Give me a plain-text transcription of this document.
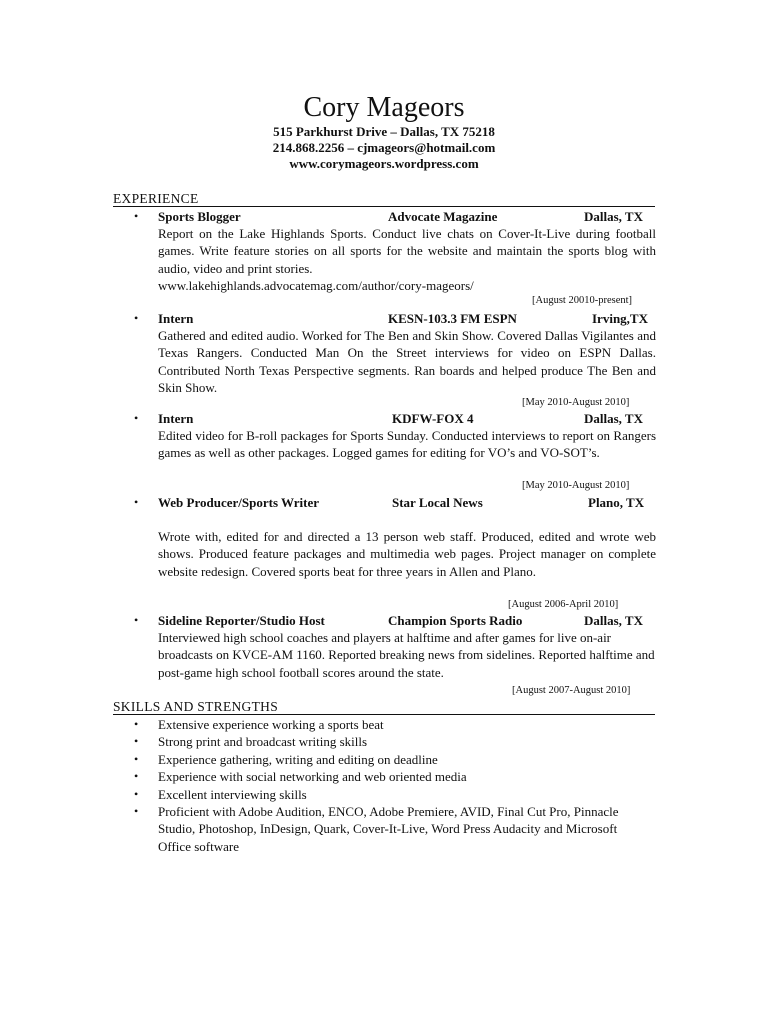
Cory Mageors
515 Parkhurst Drive – Dallas, TX 75218
214.868.2256 – cjmageors@hotmail.com
www.corymageors.wordpress.com
EXPERIENCE
• Sports Blogger	Advocate Magazine	Dallas, TX
Report on the Lake Highlands Sports. Conduct live chats on Cover-It-Live during football games. Write feature stories on all sports for the website and maintain the sports blog with audio, video and print stories.
www.lakehighlands.advocatemag.com/author/cory-mageors/
[August 20010-present]
• Intern	KESN-103.3 FM ESPN	Irving,TX
Gathered and edited audio. Worked for The Ben and Skin Show. Covered Dallas Vigilantes and Texas Rangers. Conducted Man On the Street interviews for video on ESPN Dallas. Contributed North Texas Perspective segments. Ran boards and helped produce The Ben and Skin Show.
[May 2010-August 2010]
• Intern	KDFW-FOX 4	Dallas, TX
Edited video for B-roll packages for Sports Sunday. Conducted interviews to report on Rangers games as well as other packages. Logged games for editing for VO’s and VO-SOT’s.
[May 2010-August 2010]
• Web Producer/Sports Writer	Star Local News	Plano, TX
Wrote with, edited for and directed a 13 person web staff. Produced, edited and wrote web shows. Produced feature packages and multimedia web pages. Project manager on complete website redesign. Covered sports beat for three years in Allen and Plano.
[August 2006-April 2010]
• Sideline Reporter/Studio Host	Champion Sports Radio	Dallas, TX
Interviewed high school coaches and players at halftime and after games for live on-air broadcasts on KVCE-AM 1160. Reported breaking news from sidelines. Reported halftime and post-game high school football scores around the state.
[August 2007-August 2010]
SKILLS AND STRENGTHS
• Extensive experience working a sports beat
• Strong print and broadcast writing skills
• Experience gathering, writing and editing on deadline
• Experience with social networking and web oriented media
• Excellent interviewing skills
• Proficient with Adobe Audition, ENCO, Adobe Premiere, AVID, Final Cut Pro, Pinnacle Studio, Photoshop, InDesign, Quark, Cover-It-Live, Word Press Audacity and Microsoft Office software
